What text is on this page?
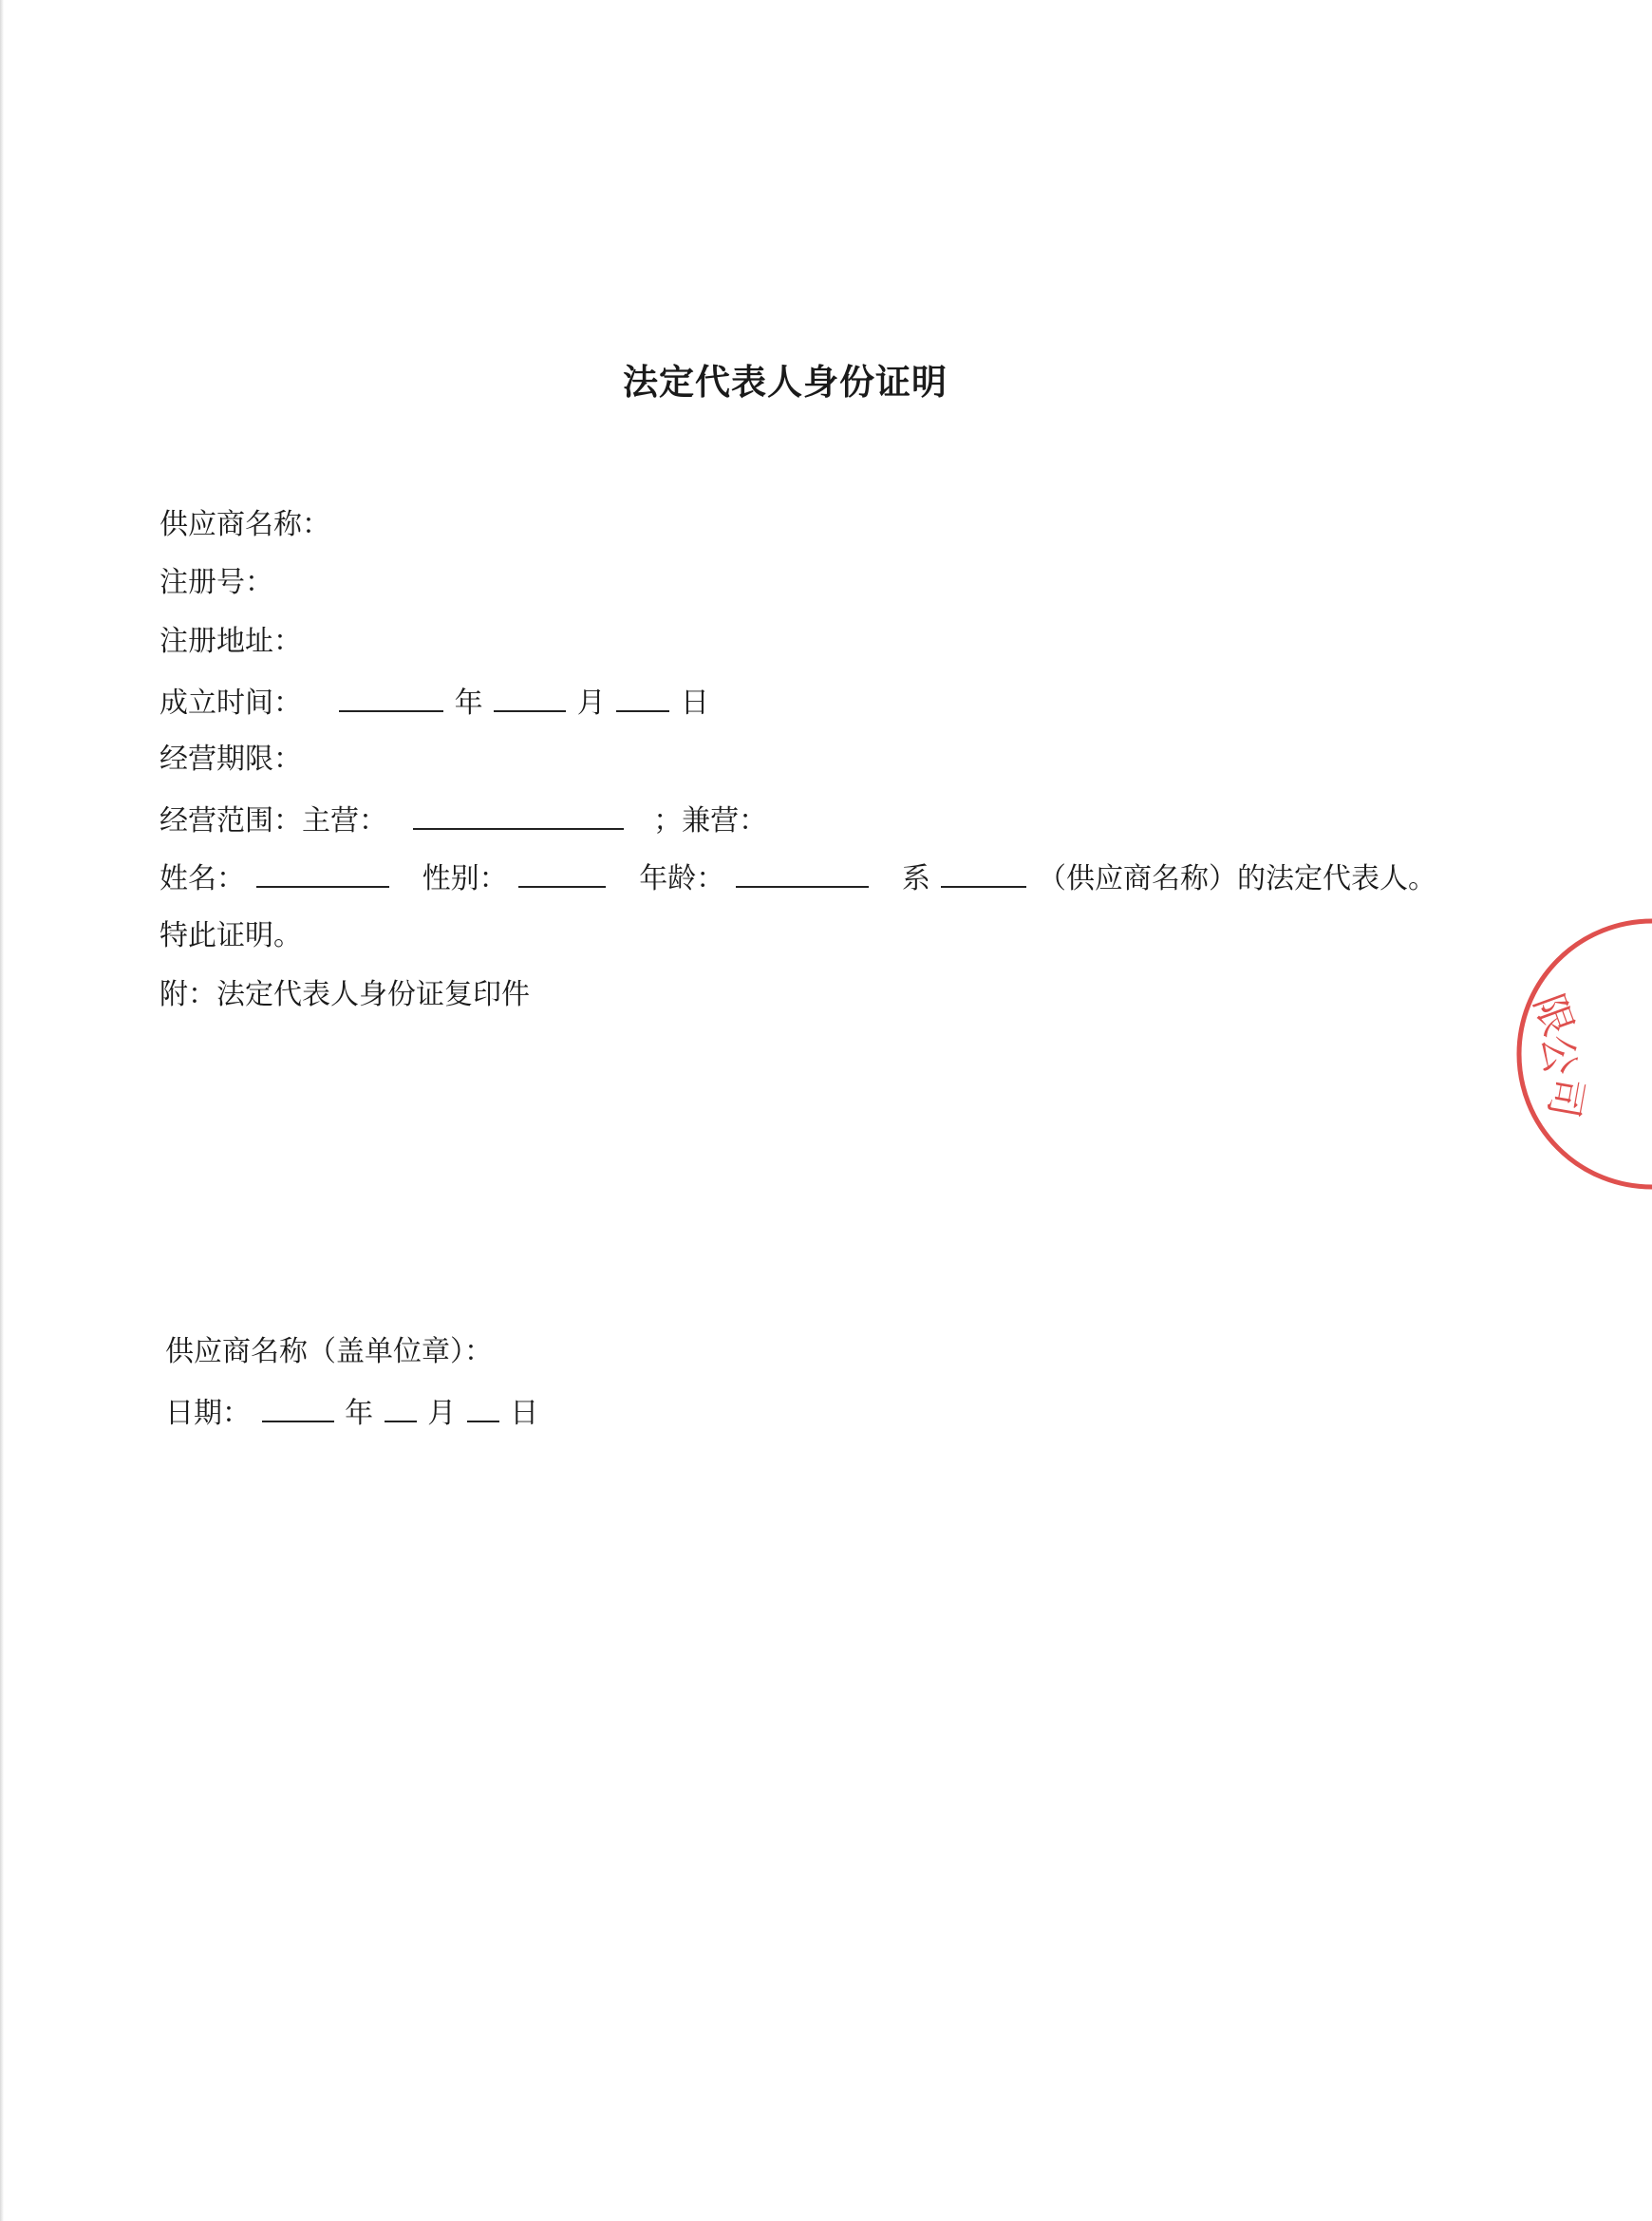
法定代表人身份证明
供应商名称：
注册号：
注册地址：
成立时间：	年	月	日
经营期限：
经营范围：主营：	；兼营：
姓名：	性别：	年龄：	系	（供应商名称）的法定代表人。
特此证明。
附：法定代表人身份证复印件
供应商名称（盖单位章）：
日期：	年 月 日
限
公
司
